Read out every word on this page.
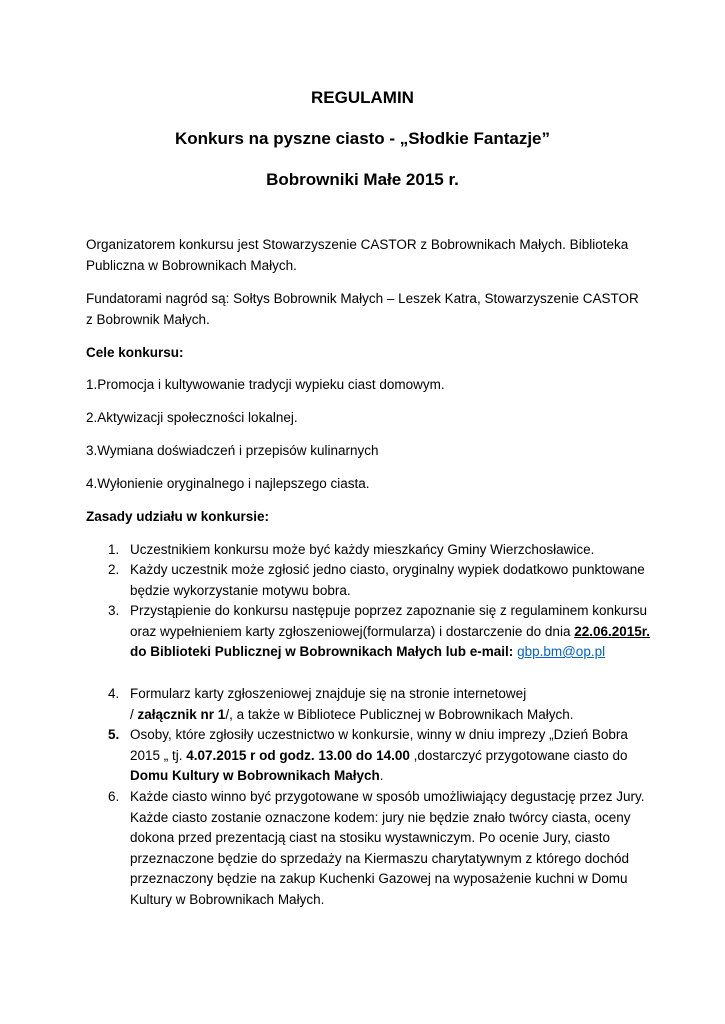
REGULAMIN

Konkurs na pyszne ciasto - „Słodkie Fantazje”

Bobrowniki Małe 2015 r.

Organizatorem konkursu jest Stowarzyszenie CASTOR z Bobrownikach Małych. Biblioteka Publiczna w Bobrownikach Małych.

Fundatorami nagród są: Sołtys Bobrownik Małych – Leszek Katra, Stowarzyszenie CASTOR z Bobrownik Małych.

Cele konkursu:

1.Promocja i kultywowanie tradycji wypieku ciast domowym.

2.Aktywizacji społeczności lokalnej.

3.Wymiana doświadczeń i przepisów kulinarnych

4.Wyłonienie oryginalnego i najlepszego ciasta.

Zasady udziału w konkursie:

1. Uczestnikiem konkursu może być każdy mieszkańcy Gminy Wierzchosławice.
2. Każdy uczestnik może zgłosić jedno ciasto, oryginalny wypiek dodatkowo punktowane będzie wykorzystanie motywu bobra.
3. Przystąpienie do konkursu następuje poprzez zapoznanie się z regulaminem konkursu oraz wypełnieniem karty zgłoszeniowej(formularza) i dostarczenie do dnia 22.06.2015r. do Biblioteki Publicznej w Bobrownikach Małych lub e-mail: gbp.bm@op.pl
4. Formularz karty zgłoszeniowej znajduje się na stronie internetowej
/ załącznik nr 1/, a także w Bibliotece Publicznej w Bobrownikach Małych.
5. Osoby, które zgłosiły uczestnictwo w konkursie, winny w dniu imprezy „Dzień Bobra 2015 „ tj. 4.07.2015 r od godz. 13.00 do 14.00 ,dostarczyć przygotowane ciasto do Domu Kultury w Bobrownikach Małych.
6. Każde ciasto winno być przygotowane w sposób umożliwiający degustację przez Jury. Każde ciasto zostanie oznaczone kodem: jury nie będzie znało twórcy ciasta, oceny dokona przed prezentacją ciast na stosiku wystawniczym. Po ocenie Jury, ciasto przeznaczone będzie do sprzedaży na Kiermaszu charytatywnym z którego dochód przeznaczony będzie na zakup Kuchenki Gazowej na wyposażenie kuchni w Domu Kultury w Bobrownikach Małych.
